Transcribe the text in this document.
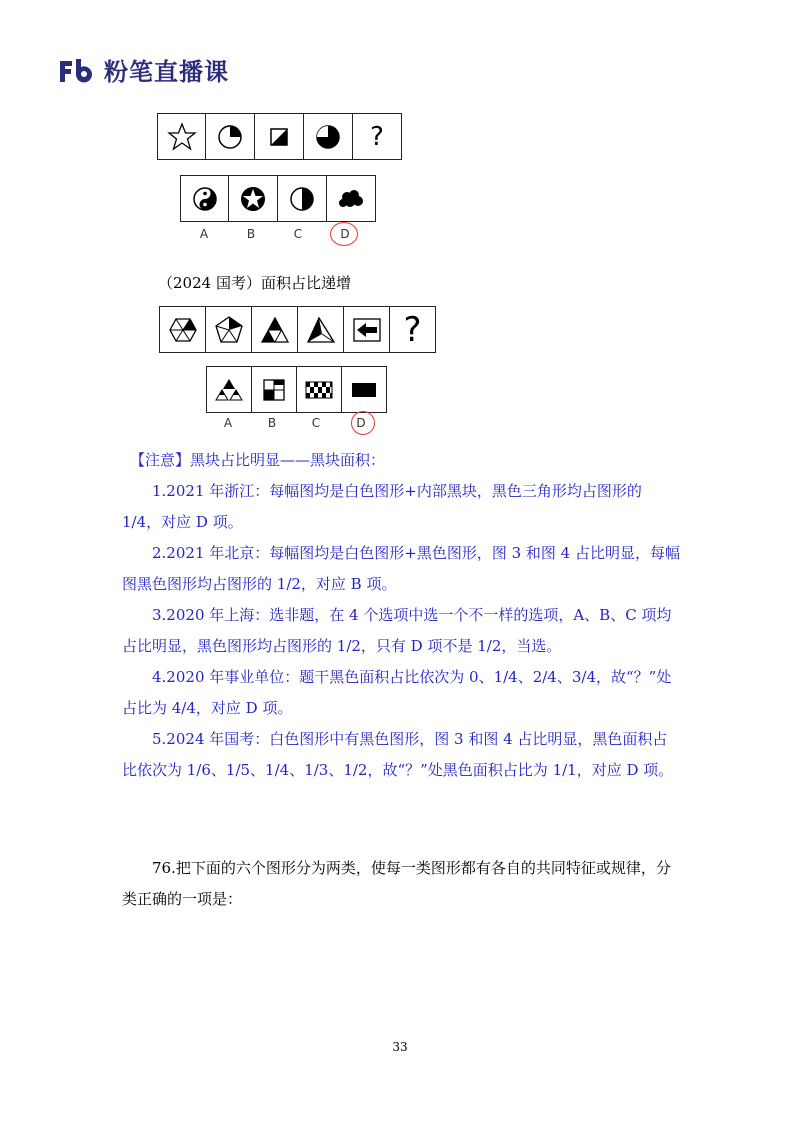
粉笔直播课
?
A	B	C	D
（2024 国考）面积占比递增
?
A	B	C	D

【注意】黑块占比明显——黑块面积：

1.2021 年浙江：每幅图均是白色图形+内部黑块，黑色三角形均占图形的 1/4，对应 D 项。

2.2021 年北京：每幅图均是白色图形+黑色图形，图 3 和图 4 占比明显，每幅图黑色图形均占图形的 1/2，对应 B 项。

3.2020 年上海：选非题，在 4 个选项中选一个不一样的选项，A、B、C 项均占比明显，黑色图形均占图形的 1/2，只有 D 项不是 1/2，当选。

4.2020 年事业单位：题干黑色面积占比依次为 0、1/4、2/4、3/4，故“？”处占比为 4/4，对应 D 项。

5.2024 年国考：白色图形中有黑色图形，图 3 和图 4 占比明显，黑色面积占比依次为 1/6、1/5、1/4、1/3、1/2，故“？”处黑色面积占比为 1/1，对应 D 项。

76.把下面的六个图形分为两类，使每一类图形都有各自的共同特征或规律，分类正确的一项是：

33
